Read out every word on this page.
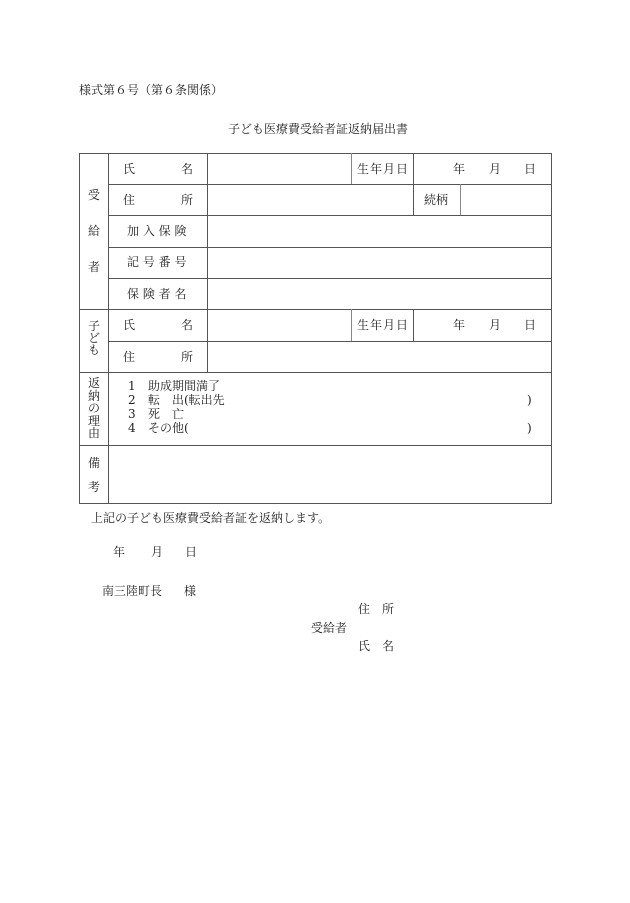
様式第６号（第６条関係）
子ども医療費受給者証返納届出書
受
給
者
氏	名	生年月日	年 月 日
住	所	続柄
加 入 保 険
記 号 番 号
保 険 者 名
子
ど
も
氏	名	生年月日	年 月 日
住	所
返
納
の
理
由
1 助成期間満了
2 転　出(転出先	)
3 死　亡
4 その他(	)
備
考
上記の子ども医療費受給者証を返納します。
年 月 日
南三陸町長 様
住　所
受給者
氏　名
